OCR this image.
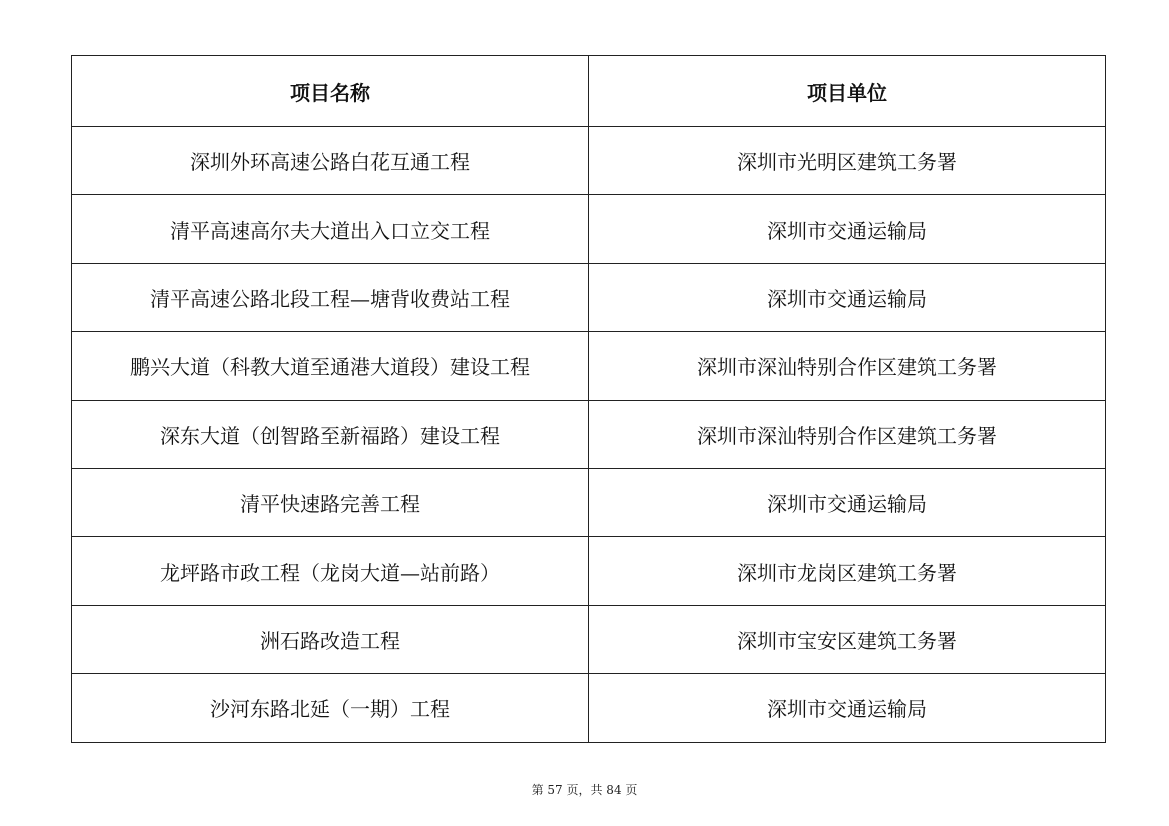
项目名称	项目单位
深圳外环高速公路白花互通工程	深圳市光明区建筑工务署
清平高速高尔夫大道出入口立交工程	深圳市交通运输局
清平高速公路北段工程—塘背收费站工程	深圳市交通运输局
鹏兴大道（科教大道至通港大道段）建设工程	深圳市深汕特别合作区建筑工务署
深东大道（创智路至新福路）建设工程	深圳市深汕特别合作区建筑工务署
清平快速路完善工程	深圳市交通运输局
龙坪路市政工程（龙岗大道—站前路）	深圳市龙岗区建筑工务署
洲石路改造工程	深圳市宝安区建筑工务署
沙河东路北延（一期）工程	深圳市交通运输局
第 57 页，共 84 页
